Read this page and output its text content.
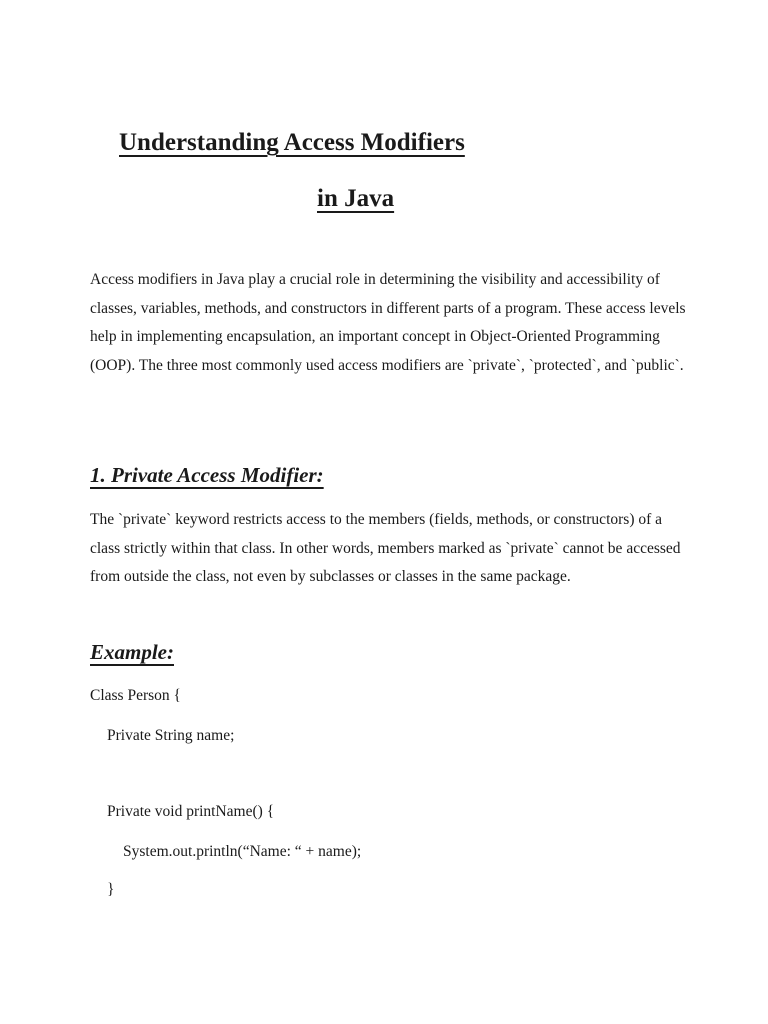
Understanding Access Modifiers
in Java

Access modifiers in Java play a crucial role in determining the visibility and accessibility of classes, variables, methods, and constructors in different parts of a program. These access levels help in implementing encapsulation, an important concept in Object-Oriented Programming (OOP). The three most commonly used access modifiers are `private`, `protected`, and `public`.

1. Private Access Modifier:

The `private` keyword restricts access to the members (fields, methods, or constructors) of a class strictly within that class. In other words, members marked as `private` cannot be accessed from outside the class, not even by subclasses or classes in the same package.

Example:
Class Person {
Private String name;
Private void printName() {
System.out.println(“Name: “ + name);
}
